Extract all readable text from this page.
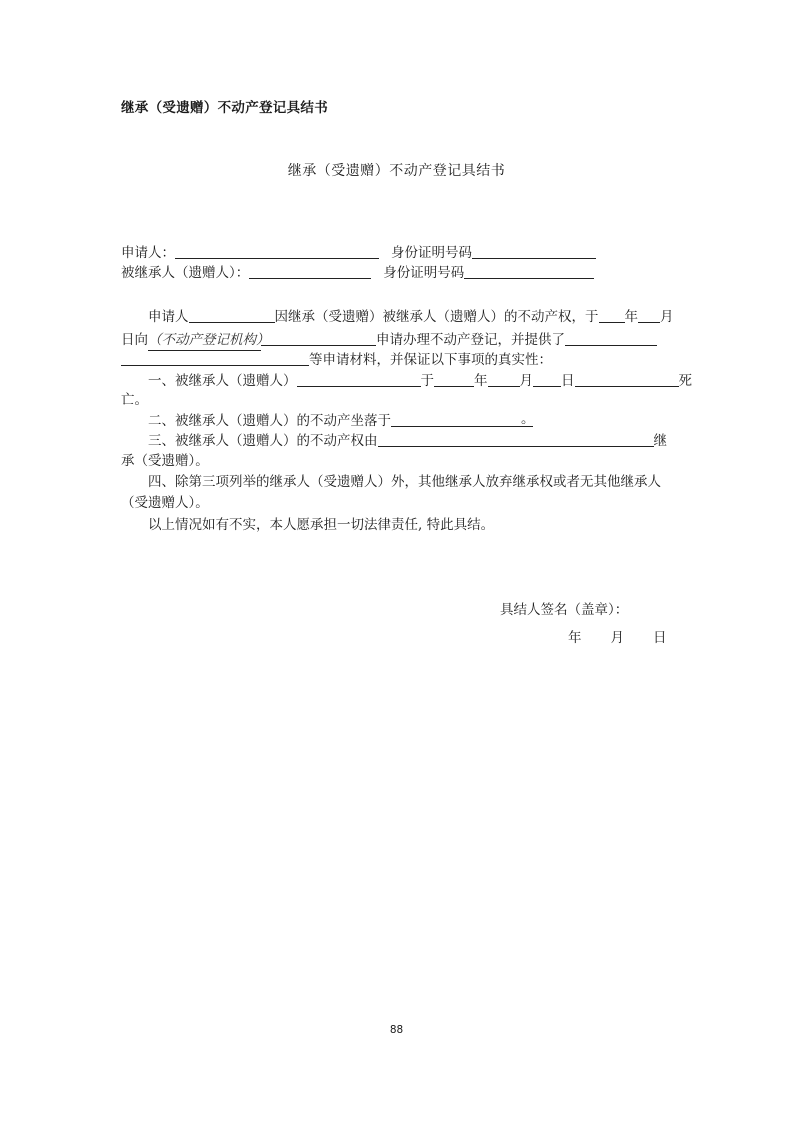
继承（受遗赠）不动产登记具结书
继承（受遗赠）不动产登记具结书
申请人：	身份证明号码
被继承人（遗赠人）：	身份证明号码
申请人	因继承（受遗赠）被继承人（遗赠人）的不动产权，于 年 月
日向（不动产登记机构）	申请办理不动产登记，并提供了
等申请材料，并保证以下事项的真实性：
一、被继承人（遗赠人）	于	年 月 日	死
亡。
二、被继承人（遗赠人）的不动产坐落于	。
三、被继承人（遗赠人）的不动产权由	继
承（受遗赠）。
四、除第三项列举的继承人（受遗赠人）外，其他继承人放弃继承权或者无其他继承人
（受遗赠人）。
以上情况如有不实，本人愿承担一切法律责任, 特此具结。
具结人签名（盖章）：
年 月 日
88
